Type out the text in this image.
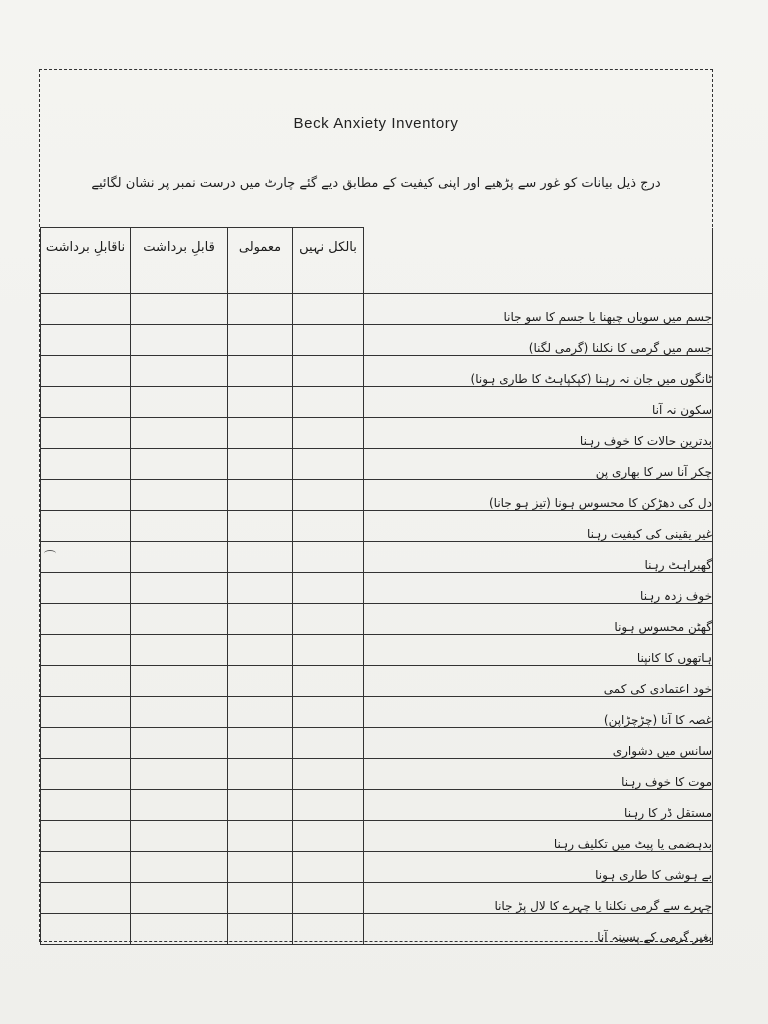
Beck Anxiety Inventory
درج ذیل بیانات کو غور سے پڑھیے اور اپنی کیفیت کے مطابق دیے گئے چارٹ میں درست نمبر پر نشان لگائیے
ناقابلِ برداشت	قابلِ برداشت	معمولی	بالکل نہیں	
				جسم میں سویاں چبھنا یا جسم کا سو جانا
				جسم میں گرمی کا نکلنا (گرمی لگنا)
				ٹانگوں میں جان نہ رہنا (کپکپاہٹ کا طاری ہونا)
				سکون نہ آنا
				بدترین حالات کا خوف رہنا
				چکر آنا سر کا بھاری پن
				دل کی دھڑکن کا محسوس ہونا (تیز ہو جانا)
				غیر یقینی کی کیفیت رہنا
				گھبراہٹ رہنا
				خوف زدہ رہنا
				گھٹن محسوس ہونا
				ہاتھوں کا کانپنا
				خود اعتمادی کی کمی
				غصہ کا آنا (چڑچڑاپن)
				سانس میں دشواری
				موت کا خوف رہنا
				مستقل ڈر کا رہنا
				بدہضمی یا پیٹ میں تکلیف رہنا
				بے ہوشی کا طاری ہونا
				چہرے سے گرمی نکلنا یا چہرے کا لال پڑ جانا
				بغیر گرمی کے پسینہ آنا
